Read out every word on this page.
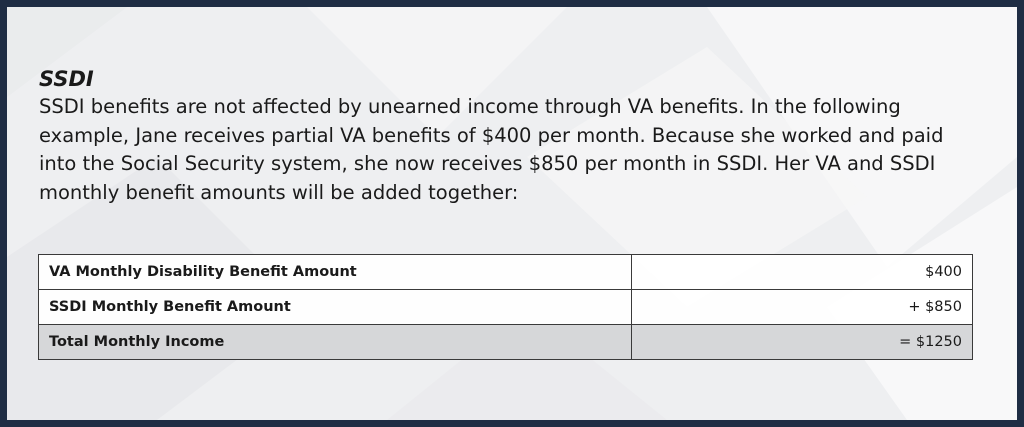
SSDI

SSDI benefits are not affected by unearned income through VA benefits. In the following example, Jane receives partial VA benefits of $400 per month. Because she worked and paid into the Social Security system, she now receives $850 per month in SSDI. Her VA and SSDI monthly benefit amounts will be added together:

VA Monthly Disability Benefit Amount	$400
SSDI Monthly Benefit Amount	+ $850
Total Monthly Income	= $1250
